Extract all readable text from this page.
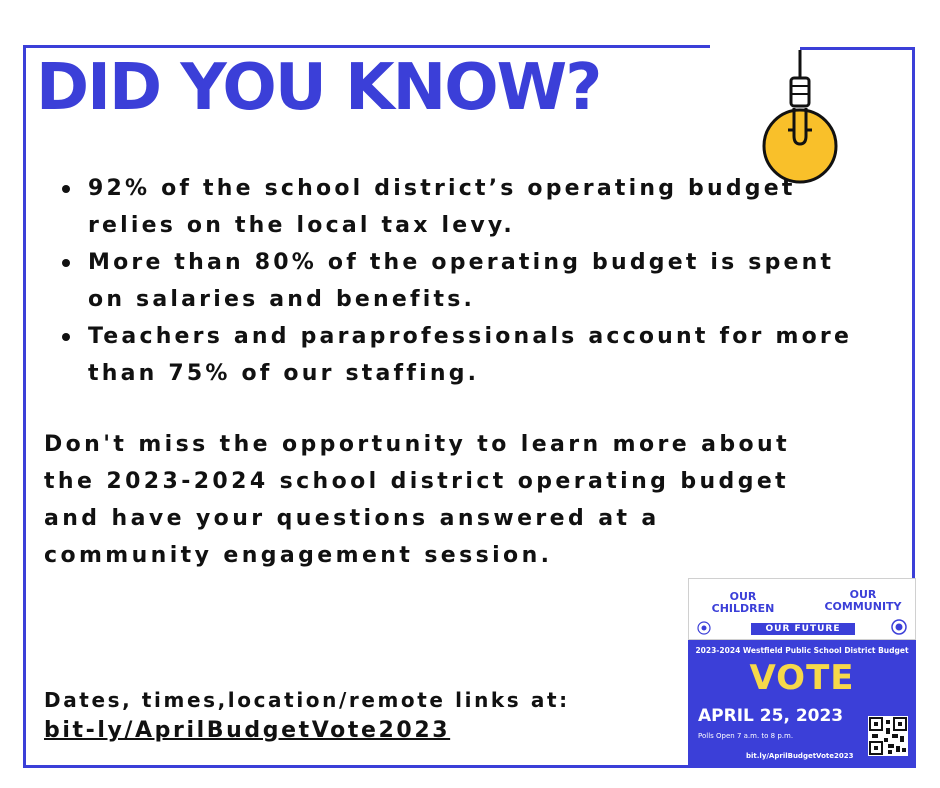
DID YOU KNOW?
92% of the school district’s operating budget relies on the local tax levy.
More than 80% of the operating budget is spent on salaries and benefits.
Teachers and paraprofessionals account for more than 75% of our staffing.

Don't miss the opportunity to learn more about the 2023-2024 school district operating budget and have your questions answered at a community engagement session.

Dates, times,location/remote links at:

bit-ly/AprilBudgetVote2023

OUR CHILDREN
OUR COMMUNITY
OUR FUTURE
2023-2024 Westfield Public School District Budget
VOTE
APRIL 25, 2023
Polls Open 7 a.m. to 8 p.m.
bit.ly/AprilBudgetVote2023
